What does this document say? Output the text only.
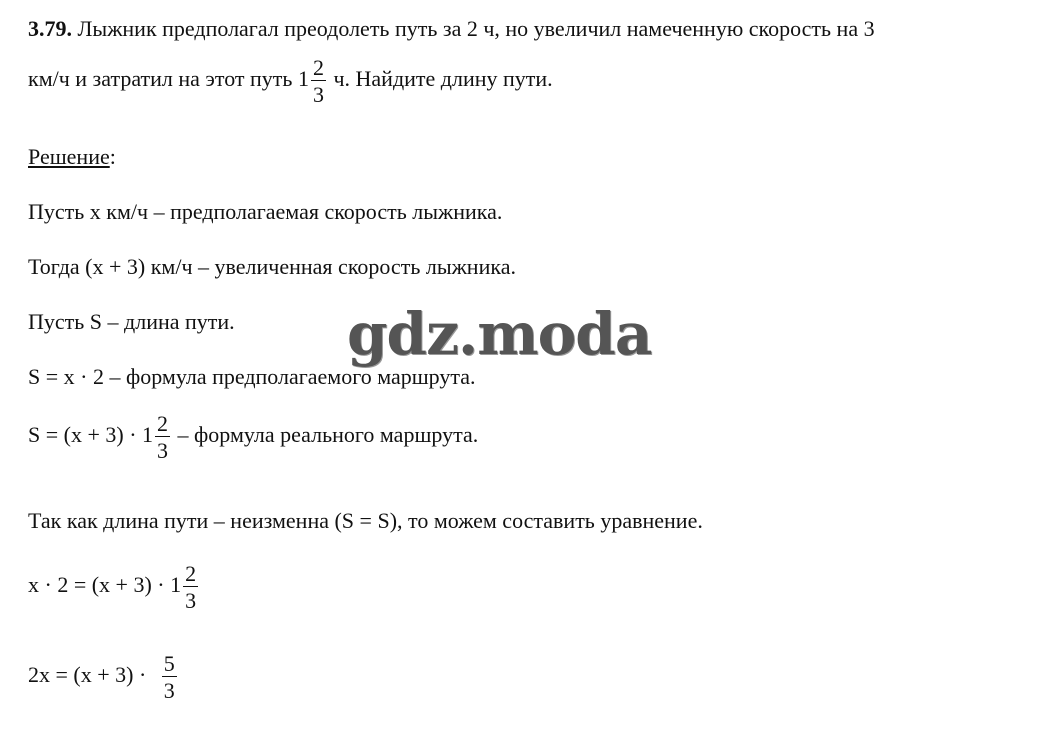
3.79. Лыжник предполагал преодолеть путь за 2 ч, но увеличил намеченную скорость на 3
км/ч и затратил на этот путь $1 \frac{2}{3} ч$. Найдите длину пути.
Решение:
Пусть x км/ч – предполагаемая скорость лыжника.
Тогда (x + 3) км/ч – увеличенная скорость лыжника.
Пусть S – длина пути.
S = x · 2 – формула предполагаемого маршрута.
$S = (x + 3) \cdot 1 \frac{2}{3}$ – формула реального маршрута.
Так как длина пути – неизменна (S = S), то можем составить уравнение.
$x \cdot 2 = (x + 3) \cdot 1 \frac{2}{3}$
$2x = (x + 3) \cdot \frac{5}{3}$
gdz.moda
